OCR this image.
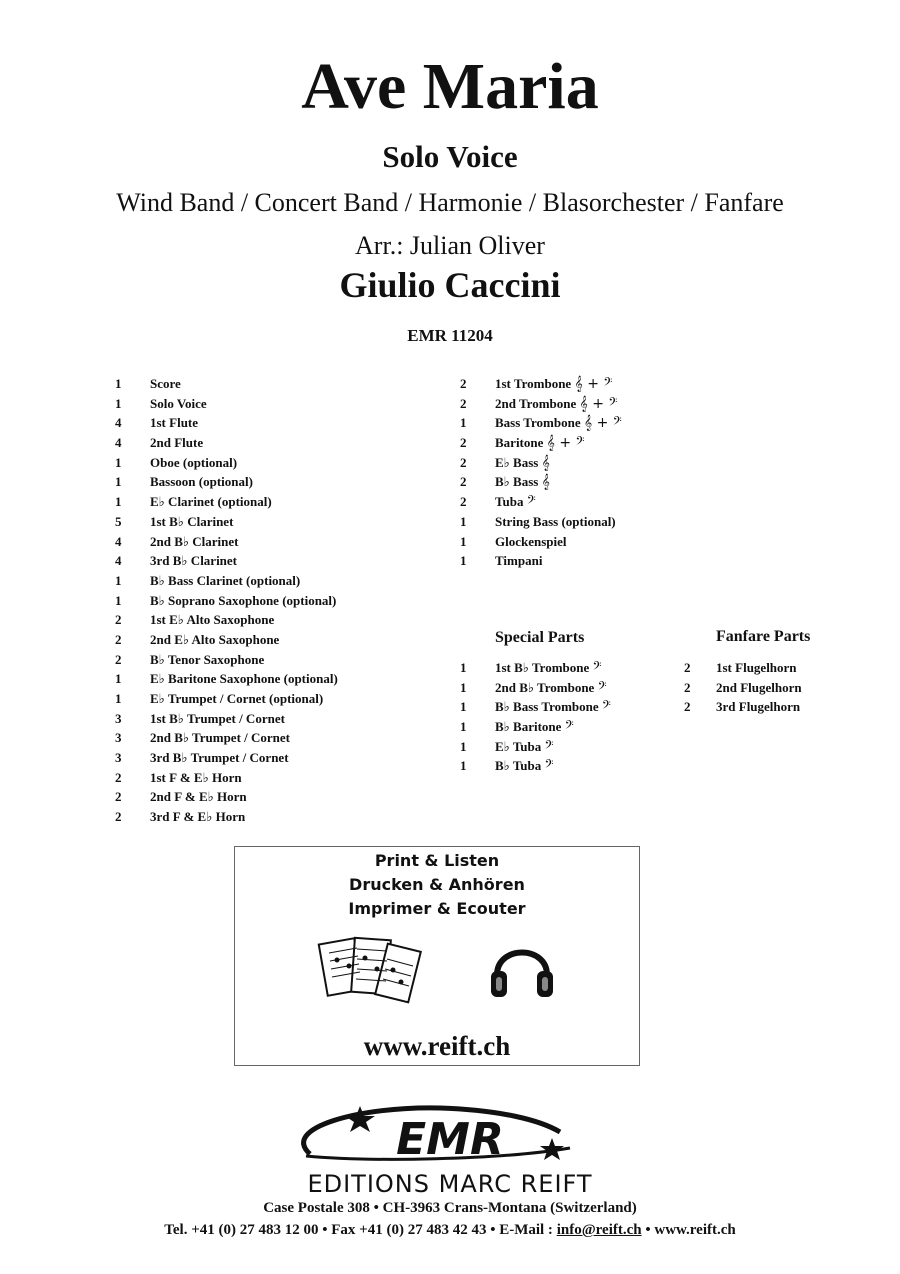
Ave Maria
Solo Voice
Wind Band / Concert Band / Harmonie / Blasorchester / Fanfare
Arr.: Julian Oliver
Giulio Caccini
EMR 11204
1 Score
1 Solo Voice
4 1st Flute
4 2nd Flute
1 Oboe (optional)
1 Bassoon (optional)
1 E♭ Clarinet (optional)
5 1st B♭ Clarinet
4 2nd B♭ Clarinet
4 3rd B♭ Clarinet
1 B♭ Bass Clarinet (optional)
1 B♭ Soprano Saxophone (optional)
2 1st E♭ Alto Saxophone
2 2nd E♭ Alto Saxophone
2 B♭ Tenor Saxophone
1 E♭ Baritone Saxophone (optional)
1 E♭ Trumpet / Cornet (optional)
3 1st B♭ Trumpet / Cornet
3 2nd B♭ Trumpet / Cornet
3 3rd B♭ Trumpet / Cornet
2 1st F & E♭ Horn
2 2nd F & E♭ Horn
2 3rd F & E♭ Horn
2 1st Trombone 𝄞 + 𝄢
2 2nd Trombone 𝄞 + 𝄢
1 Bass Trombone 𝄞 + 𝄢
2 Baritone 𝄞 + 𝄢
2 E♭ Bass 𝄞
2 B♭ Bass 𝄞
2 Tuba 𝄢
1 String Bass (optional)
1 Glockenspiel
1 Timpani
Special Parts
1 1st B♭ Trombone 𝄢
1 2nd B♭ Trombone 𝄢
1 B♭ Bass Trombone 𝄢
1 B♭ Baritone 𝄢
1 E♭ Tuba 𝄢
1 B♭ Tuba 𝄢
Fanfare Parts
2 1st Flugelhorn
2 2nd Flugelhorn
2 3rd Flugelhorn
Print & Listen
Drucken & Anhören
Imprimer & Ecouter
www.reift.ch
EMR
EDITIONS MARC REIFT
Case Postale 308 • CH-3963 Crans-Montana (Switzerland)
Tel. +41 (0) 27 483 12 00 • Fax +41 (0) 27 483 42 43 • E-Mail : info@reift.ch • www.reift.ch
